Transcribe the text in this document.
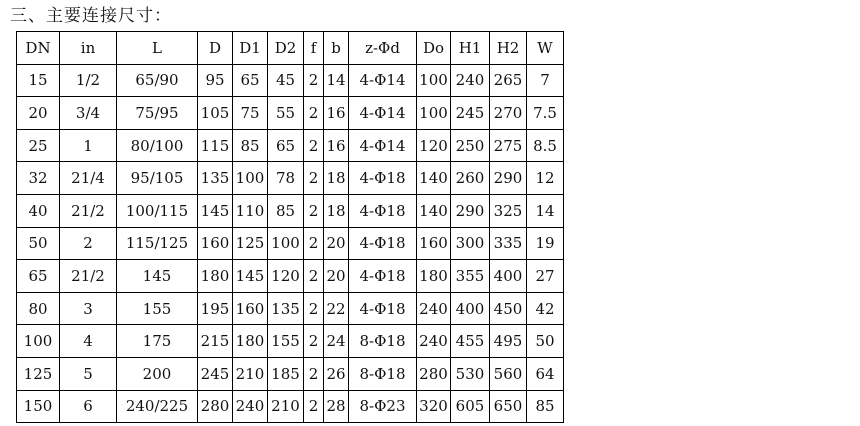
三、主要连接尺寸：
DN	in	L	D	D1	D2	f	b	z-Φd	Do	H1	H2	W
15	1/2	65/90	95	65	45	2	14	4-Φ14	100	240	265	7
20	3/4	75/95	105	75	55	2	16	4-Φ14	100	245	270	7.5
25	1	80/100	115	85	65	2	16	4-Φ14	120	250	275	8.5
32	21/4	95/105	135	100	78	2	18	4-Φ18	140	260	290	12
40	21/2	100/115	145	110	85	2	18	4-Φ18	140	290	325	14
50	2	115/125	160	125	100	2	20	4-Φ18	160	300	335	19
65	21/2	145	180	145	120	2	20	4-Φ18	180	355	400	27
80	3	155	195	160	135	2	22	4-Φ18	240	400	450	42
100	4	175	215	180	155	2	24	8-Φ18	240	455	495	50
125	5	200	245	210	185	2	26	8-Φ18	280	530	560	64
150	6	240/225	280	240	210	2	28	8-Φ23	320	605	650	85
